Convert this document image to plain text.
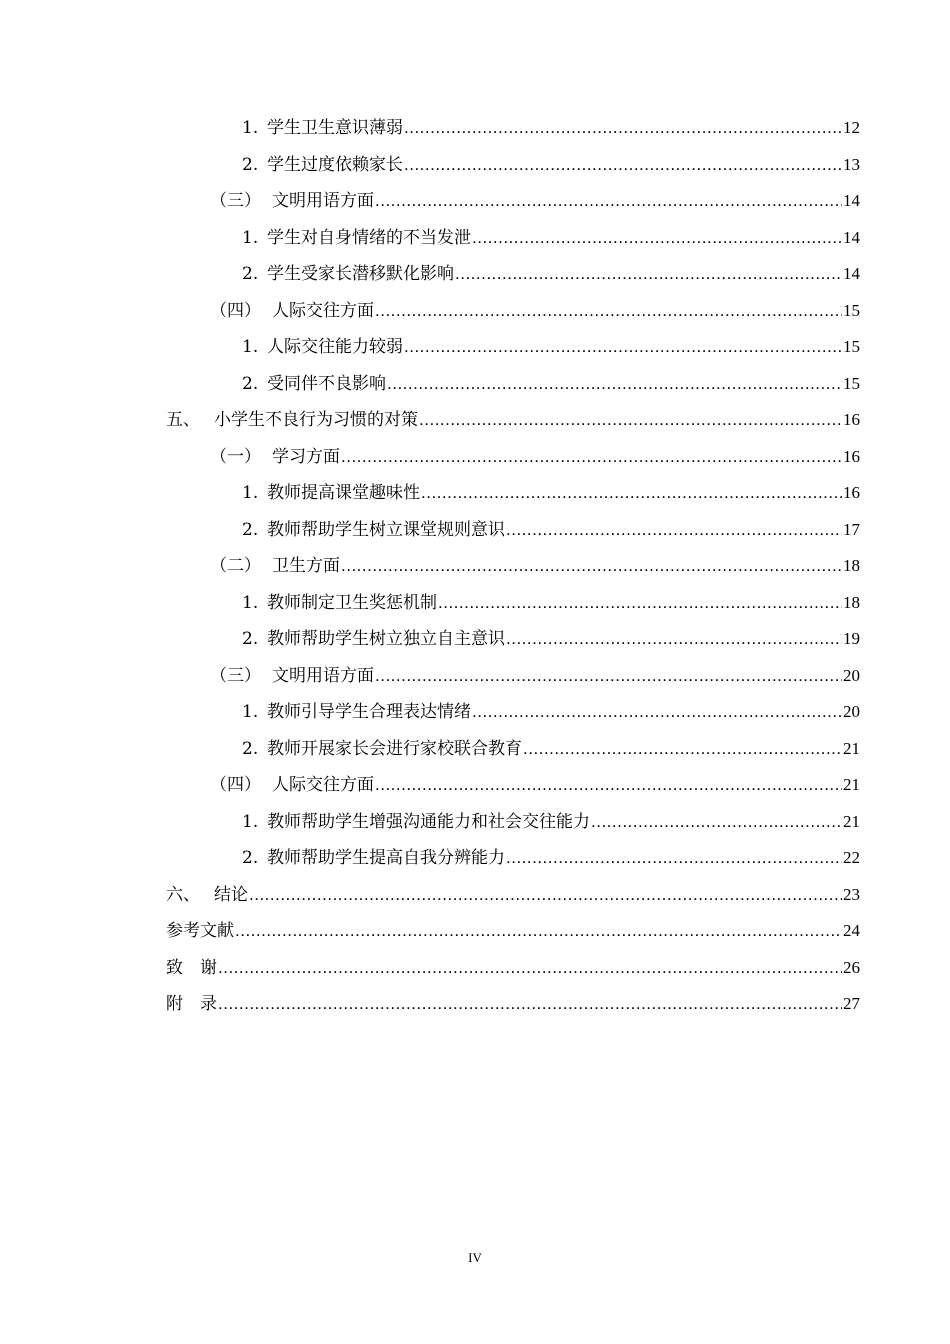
1. 学生卫生意识薄弱 .....	12
2. 学生过度依赖家长 .....	13
（三） 文明用语方面 .....	14
1. 学生对自身情绪的不当发泄 .....	14
2. 学生受家长潜移默化影响 .....	14
（四） 人际交往方面 .....	15
1. 人际交往能力较弱 .....	15
2. 受同伴不良影响 .....	15
五、 小学生不良行为习惯的对策 .....	16
（一） 学习方面 .....	16
1. 教师提高课堂趣味性 .....	16
2. 教师帮助学生树立课堂规则意识 .....	17
（二） 卫生方面 .....	18
1. 教师制定卫生奖惩机制 .....	18
2. 教师帮助学生树立独立自主意识 .....	19
（三） 文明用语方面 .....	20
1. 教师引导学生合理表达情绪 .....	20
2. 教师开展家长会进行家校联合教育 .....	21
（四） 人际交往方面 .....	21
1. 教师帮助学生增强沟通能力和社会交往能力 .....	21
2. 教师帮助学生提高自我分辨能力 .....	22
六、 结论 .....	23
参考文献 .....	24
致　谢 .....	26
附　录 .....	27
IV
